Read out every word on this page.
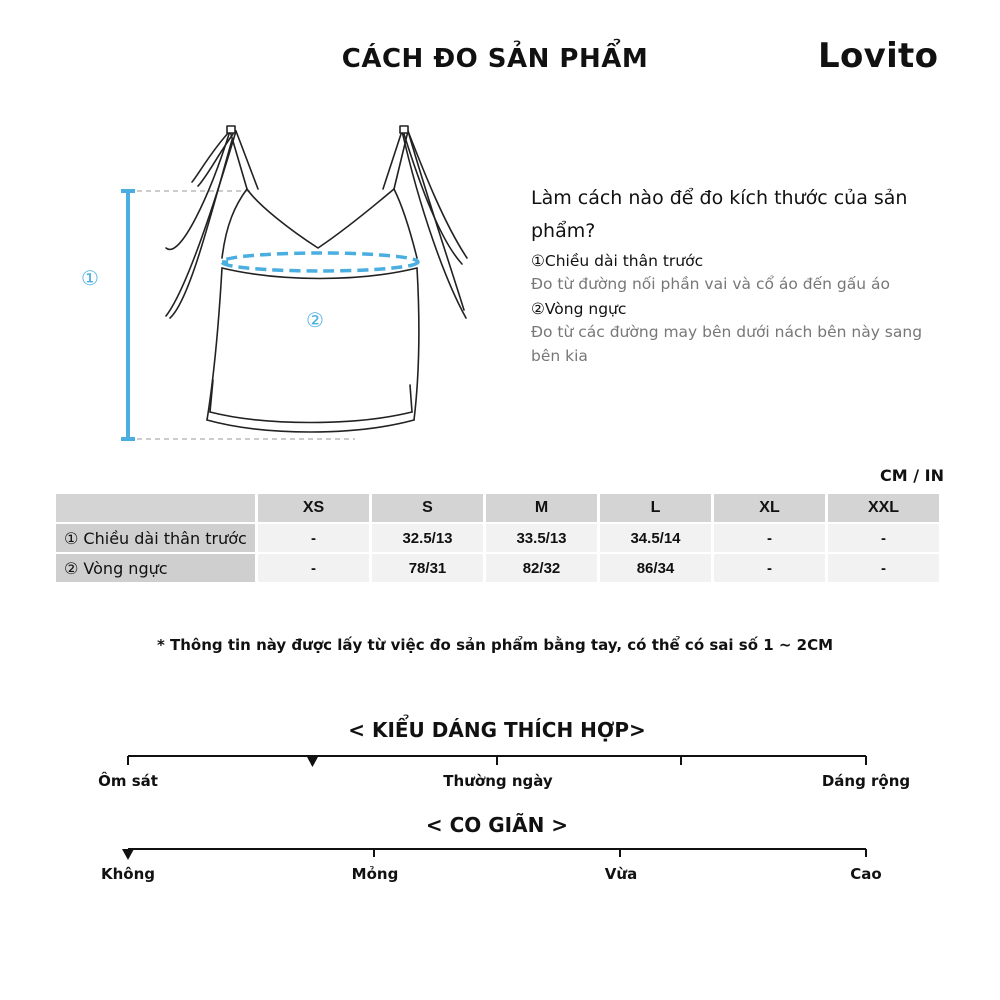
CÁCH ĐO SẢN PHẨM	Lovito
①
②
Làm cách nào để đo kích thước của sản phẩm?
①Chiều dài thân trước
Đo từ đường nối phần vai và cổ áo đến gấu áo
②Vòng ngực
Đo từ các đường may bên dưới nách bên này sang bên kia
CM / IN
	XS	S	M	L	XL	XXL
① Chiều dài thân trước	-	32.5/13	33.5/13	34.5/14	-	-
② Vòng ngực	-	78/31	82/32	86/34	-	-
* Thông tin này được lấy từ việc đo sản phẩm bằng tay, có thể có sai số 1 ~ 2CM
< KIỂU DÁNG THÍCH HỢP>
Ôm sát	Thường ngày	Dáng rộng
< CO GIÃN >
Không	Mỏng	Vừa	Cao
